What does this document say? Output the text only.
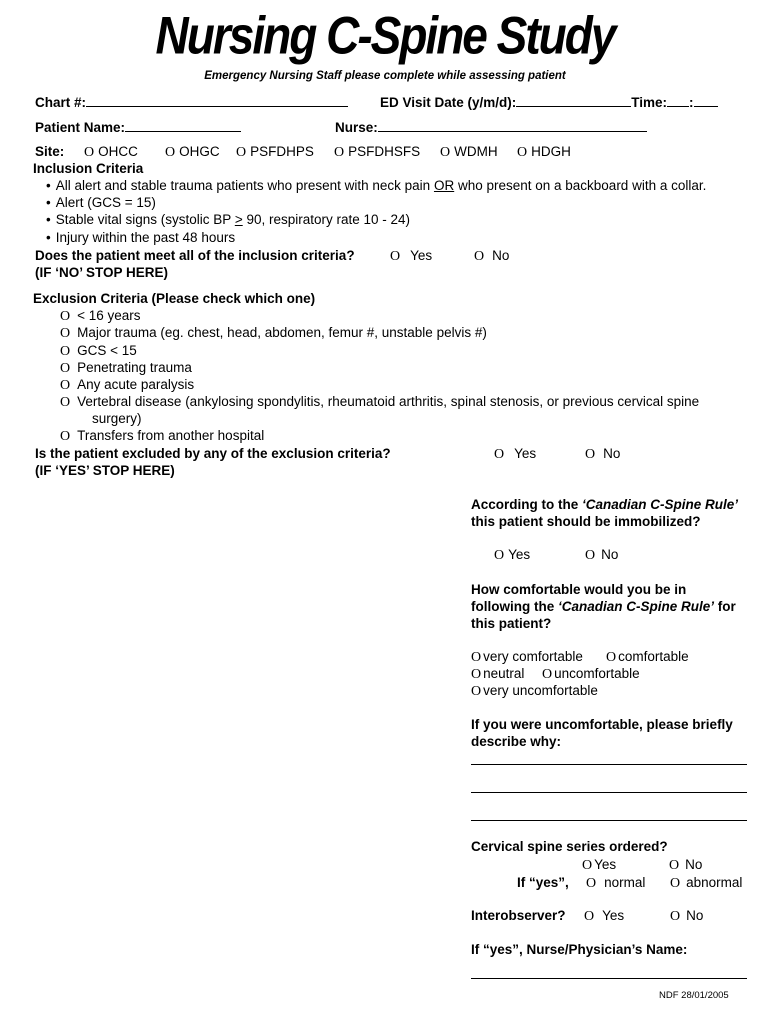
Nursing C-Spine Study
Emergency Nursing Staff please complete while assessing patient
Chart #:	ED Visit Date (y/m/d):	Time: :
Patient Name:	Nurse:
Site: O OHCC O OHGC O PSFDHPS O PSFDHSFS O WDMH O HDGH
Inclusion Criteria
• All alert and stable trauma patients who present with neck pain OR who present on a backboard with a collar.
• Alert (GCS = 15)
• Stable vital signs (systolic BP > 90, respiratory rate 10 - 24)
• Injury within the past 48 hours
Does the patient meet all of the inclusion criteria?	O Yes	O No
(IF ‘NO’ STOP HERE)
Exclusion Criteria (Please check which one)
O < 16 years
O Major trauma (eg. chest, head, abdomen, femur #, unstable pelvis #)
O GCS < 15
O Penetrating trauma
O Any acute paralysis
O Vertebral disease (ankylosing spondylitis, rheumatoid arthritis, spinal stenosis, or previous cervical spine
surgery)
O Transfers from another hospital
Is the patient excluded by any of the exclusion criteria?	O Yes	O No
(IF ‘YES’ STOP HERE)
According to the ‘Canadian C-Spine Rule’
this patient should be immobilized?
O Yes	O No
How comfortable would you be in
following the ‘Canadian C-Spine Rule’ for
this patient?
O very comfortable O comfortable
O neutral O uncomfortable
O very uncomfortable
If you were uncomfortable, please briefly
describe why:
Cervical spine series ordered?
O Yes	O No
If “yes”, O normal O abnormal
Interobserver? O Yes	O No
If “yes”, Nurse/Physician’s Name:
NDF 28/01/2005
